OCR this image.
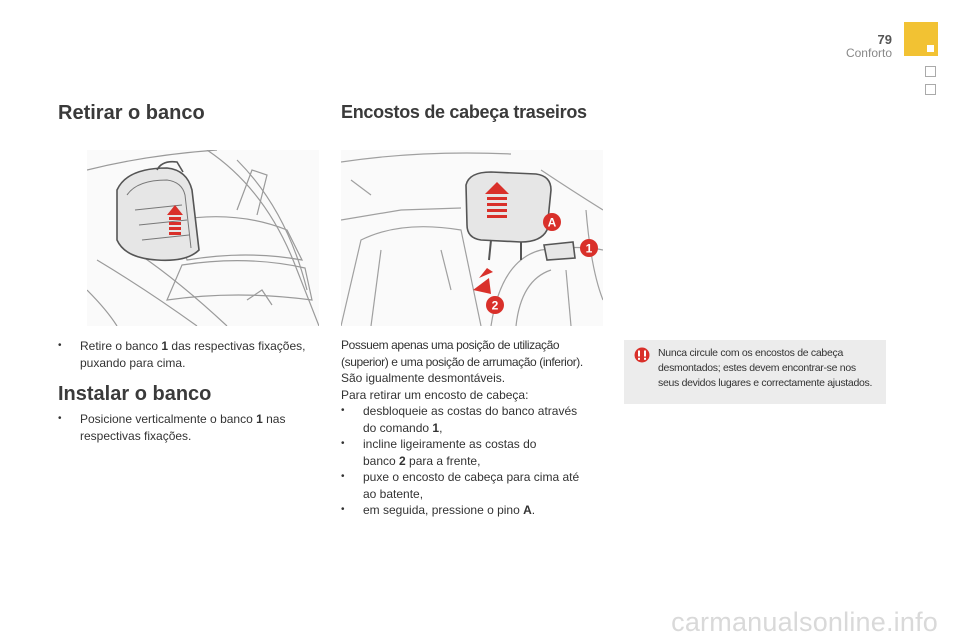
79
Conforto
Retirar o banco	Encostos de cabeça traseiros
A
1
2
• Retire o banco 1 das respectivas fixações,
puxando para cima.
Instalar o banco
• Posicione verticalmente o banco 1 nas
respectivas fixações.
Possuem apenas uma posição de utilização
(superior) e uma posição de arrumação (inferior).
São igualmente desmontáveis.
Para retirar um encosto de cabeça:
• desbloqueie as costas do banco através
do comando 1,
• incline ligeiramente as costas do
banco 2 para a frente,
• puxe o encosto de cabeça para cima até
ao batente,
• em seguida, pressione o pino A.
Nunca circule com os encostos de cabeça
desmontados; estes devem encontrar-se nos
seus devidos lugares e correctamente ajustados.
carmanualsonline.info
